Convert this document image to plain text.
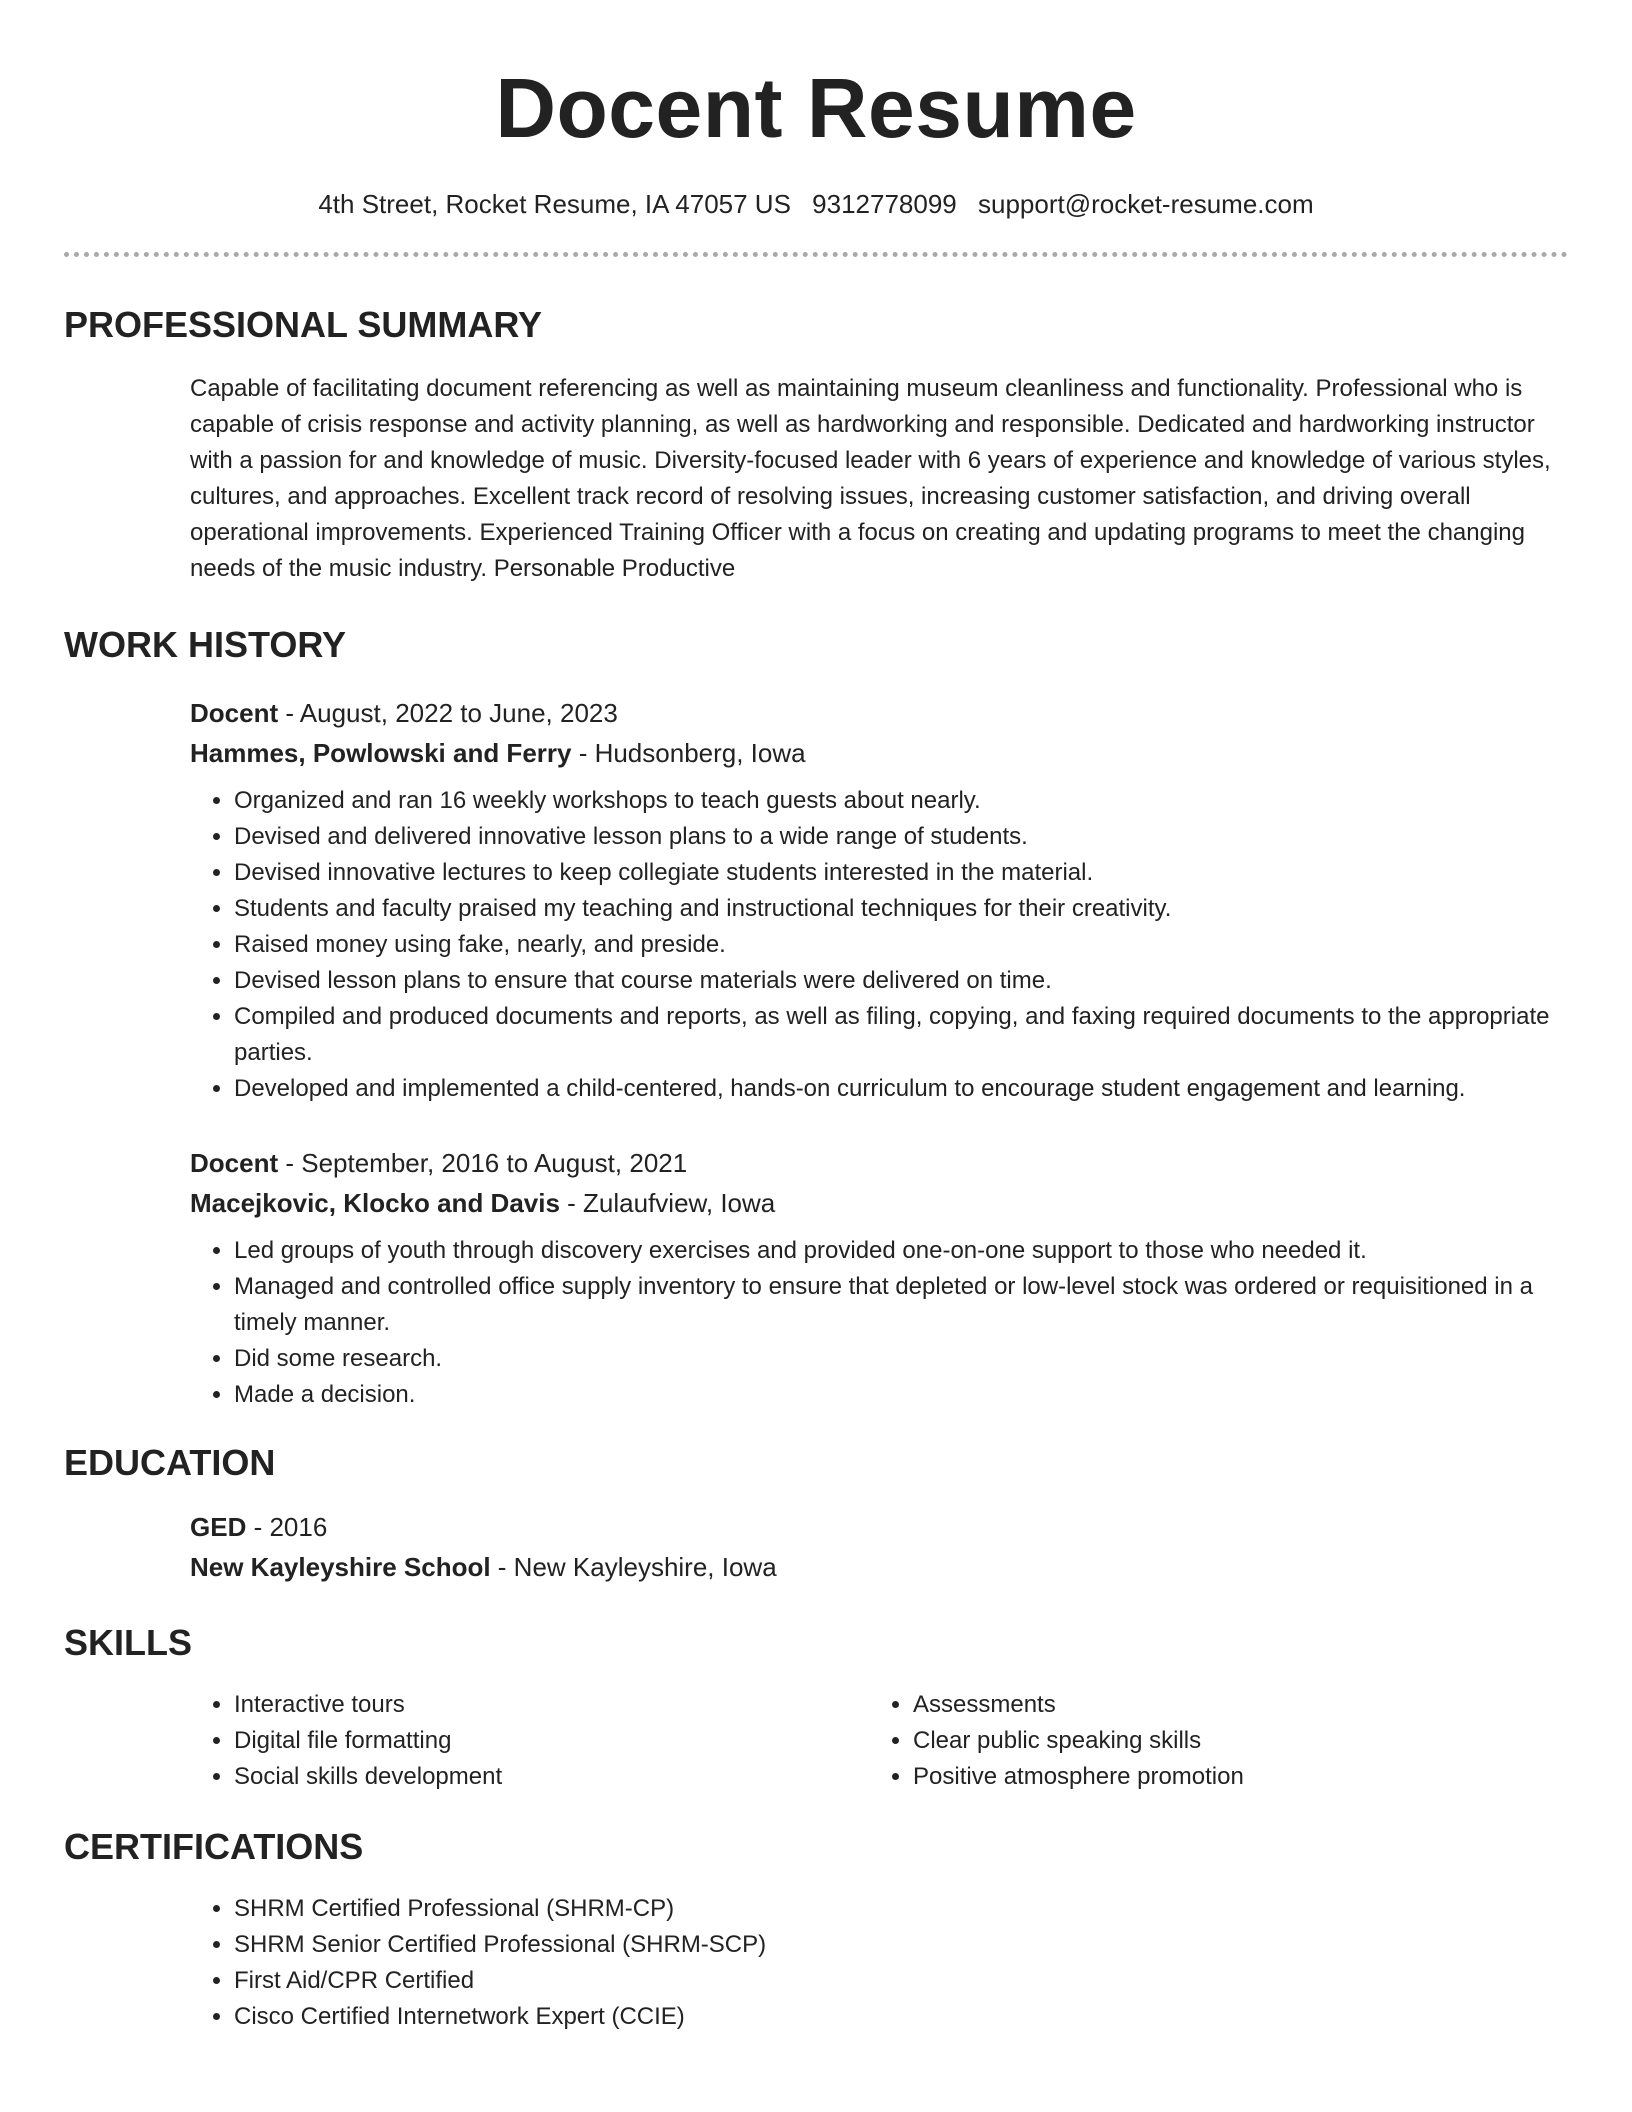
Docent Resume
4th Street, Rocket Resume, IA 47057 US 9312778099 support@rocket-resume.com
PROFESSIONAL SUMMARY

Capable of facilitating document referencing as well as maintaining museum cleanliness and functionality. Professional who is capable of crisis response and activity planning, as well as hardworking and responsible. Dedicated and hardworking instructor with a passion for and knowledge of music. Diversity-focused leader with 6 years of experience and knowledge of various styles, cultures, and approaches. Excellent track record of resolving issues, increasing customer satisfaction, and driving overall operational improvements. Experienced Training Officer with a focus on creating and updating programs to meet the changing needs of the music industry. Personable Productive

WORK HISTORY
Docent - August, 2022 to June, 2023
Hammes, Powlowski and Ferry - Hudsonberg, Iowa
• Organized and ran 16 weekly workshops to teach guests about nearly.
• Devised and delivered innovative lesson plans to a wide range of students.
• Devised innovative lectures to keep collegiate students interested in the material.
• Students and faculty praised my teaching and instructional techniques for their creativity.
• Raised money using fake, nearly, and preside.
• Devised lesson plans to ensure that course materials were delivered on time.
• Compiled and produced documents and reports, as well as filing, copying, and faxing required documents to the appropriate parties.
• Developed and implemented a child-centered, hands-on curriculum to encourage student engagement and learning.
Docent - September, 2016 to August, 2021
Macejkovic, Klocko and Davis - Zulaufview, Iowa
• Led groups of youth through discovery exercises and provided one-on-one support to those who needed it.
• Managed and controlled office supply inventory to ensure that depleted or low-level stock was ordered or requisitioned in a timely manner.
• Did some research.
• Made a decision.
EDUCATION
GED - 2016
New Kayleyshire School - New Kayleyshire, Iowa
SKILLS
• Interactive tours
• Digital file formatting
• Social skills development
• Assessments
• Clear public speaking skills
• Positive atmosphere promotion
CERTIFICATIONS
• SHRM Certified Professional (SHRM-CP)
• SHRM Senior Certified Professional (SHRM-SCP)
• First Aid/CPR Certified
• Cisco Certified Internetwork Expert (CCIE)
